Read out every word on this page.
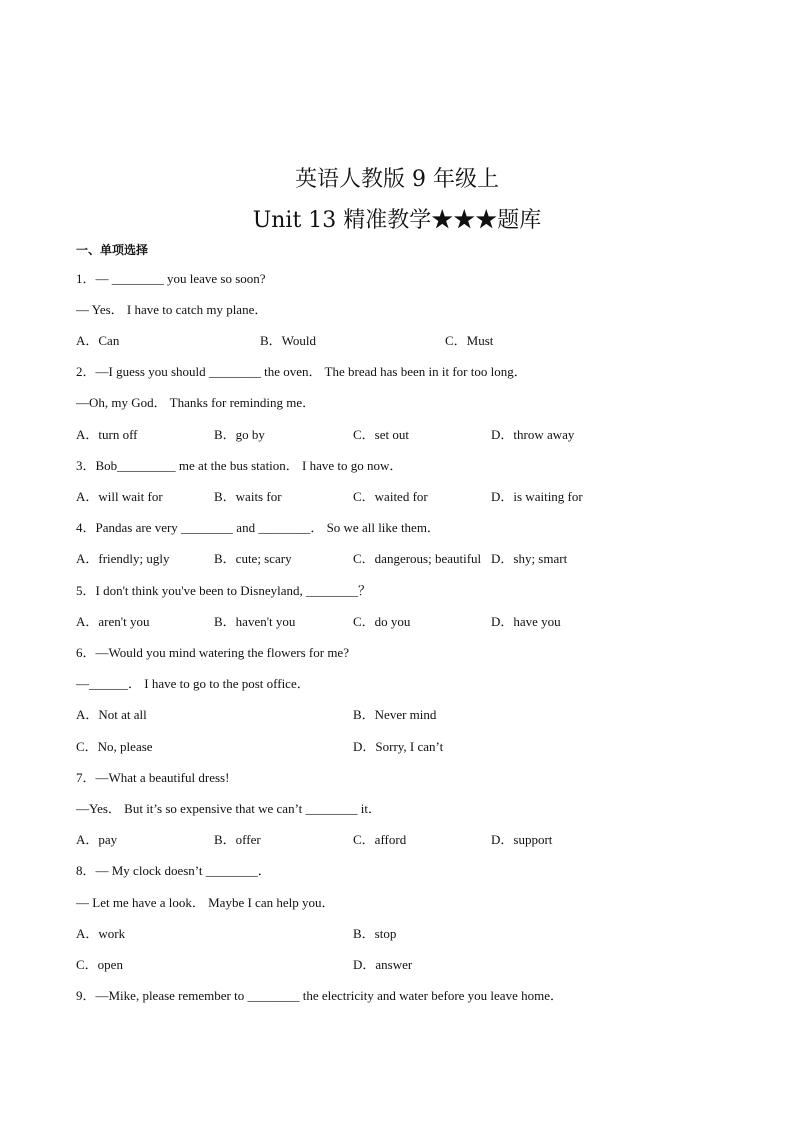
英语人教版 9 年级上
Unit 13 精准教学★★★题库
一、单项选择
1．— ________ you leave so soon?
— Yes． I have to catch my plane．
A．Can	B．Would	C．Must
2．—I guess you should ________ the oven． The bread has been in it for too long．
—Oh, my God． Thanks for reminding me．
A．turn off	B．go by	C．set out	D．throw away
3．Bob_________ me at the bus station． I have to go now．
A．will wait for	B．waits for	C．waited for	D．is waiting for
4．Pandas are very ________ and ________． So we all like them．
A．friendly; ugly	B．cute; scary	C．dangerous; beautiful D．shy; smart
5．I don't think you've been to Disneyland, ________？
A．aren't you	B．haven't you	C．do you	D．have you
6．—Would you mind watering the flowers for me?
—______． I have to go to the post office．
A．Not at all	B．Never mind
C．No, please	D．Sorry, I can’t
7．—What a beautiful dress!
—Yes． But it’s so expensive that we can’t ________ it．
A．pay	B．offer	C．afford	D．support
8．— My clock doesn’t ________．
— Let me have a look． Maybe I can help you．
A．work	B．stop
C．open	D．answer
9．—Mike, please remember to ________ the electricity and water before you leave home．
